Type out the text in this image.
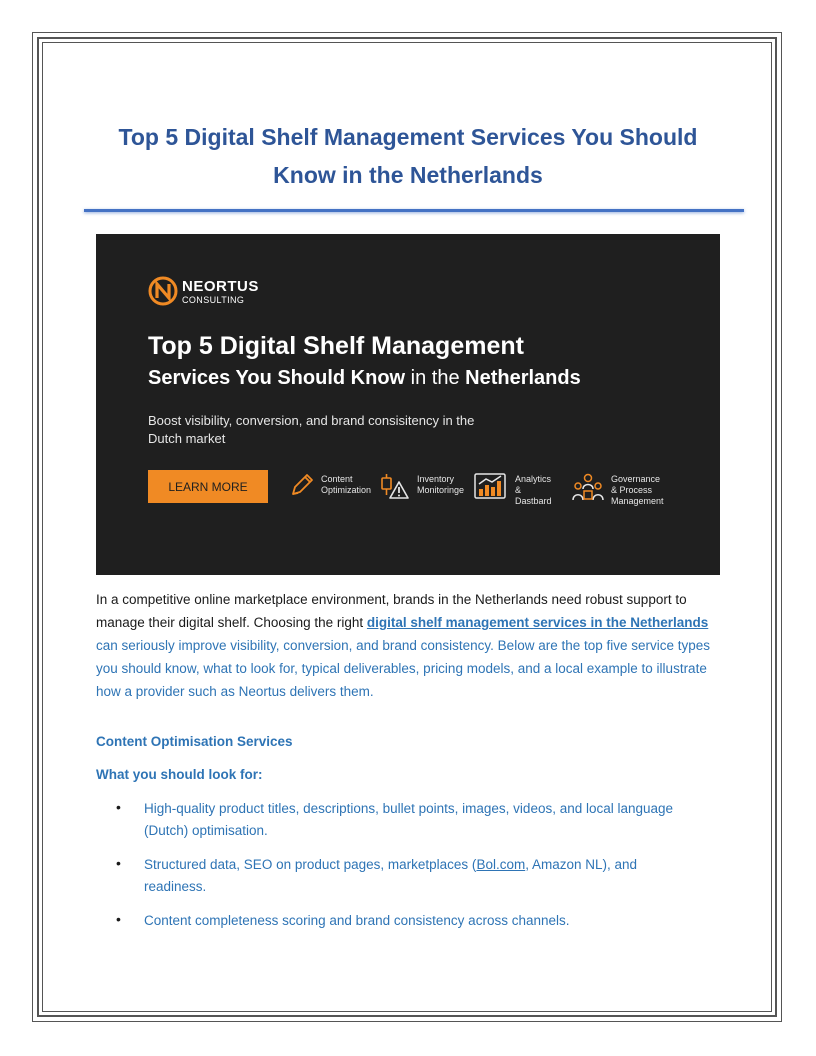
Top 5 Digital Shelf Management Services You Should Know in the Netherlands
NEORTUS
CONSULTING
Top 5 Digital Shelf Management
Services You Should Know in the Netherlands
Boost visibility, conversion, and brand consisitency in the Dutch market
LEARN MORE
Content
Optimization
Inventory
Monitoringe
Analytics &
Dastbard
Governance & Process
Management
In a competitive online marketplace environment, brands in the Netherlands need robust support to manage their digital shelf. Choosing the right digital shelf management services in the Netherlands can seriously improve visibility, conversion, and brand consistency. Below are the top five service types you should know, what to look for, typical deliverables, pricing models, and a local example to illustrate how a provider such as Neortus delivers them.
Content Optimisation Services
What you should look for:
• High-quality product titles, descriptions, bullet points, images, videos, and local language (Dutch) optimisation.
• Structured data, SEO on product pages, marketplaces (Bol.com, Amazon NL), and readiness.
• Content completeness scoring and brand consistency across channels.
